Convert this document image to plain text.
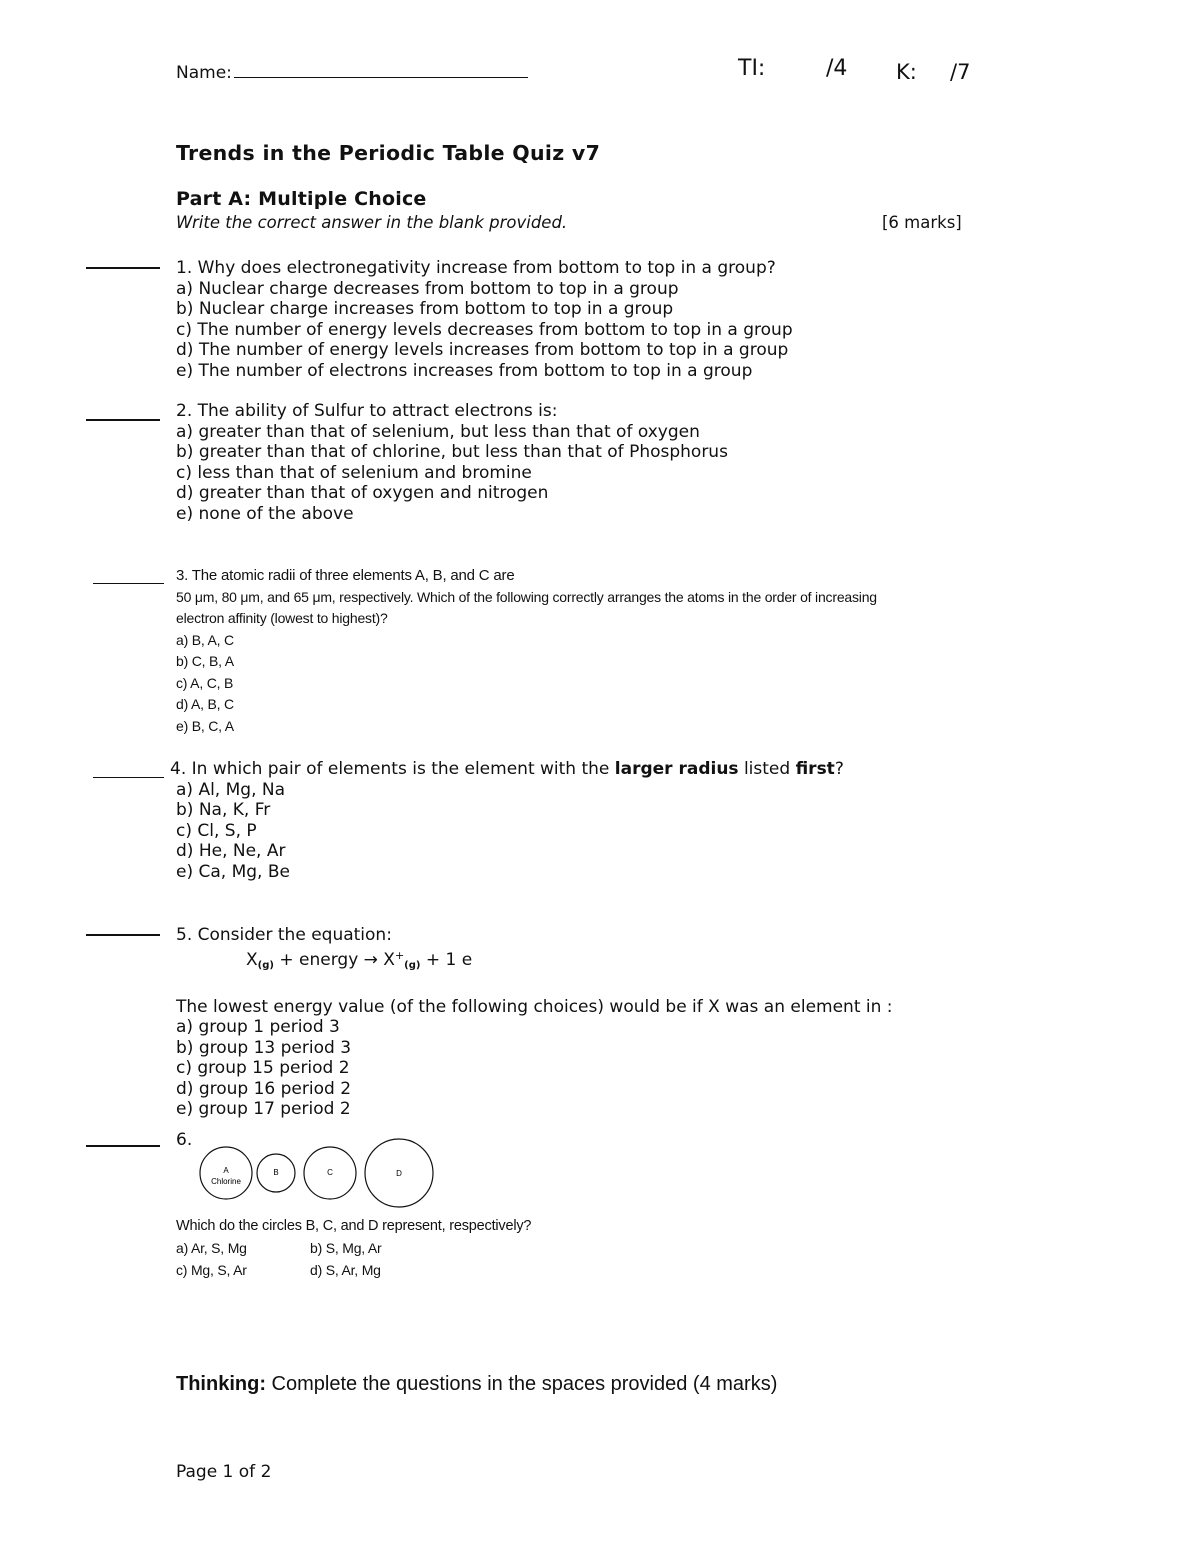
Name:	TI:	/4 K: /7
Trends in the Periodic Table Quiz v7
Part A: Multiple Choice
Write the correct answer in the blank provided.	[6 marks]

1. Why does electronegativity increase from bottom to top in a group?

a) Nuclear charge decreases from bottom to top in a group

b) Nuclear charge increases from bottom to top in a group

c) The number of energy levels decreases from bottom to top in a group

d) The number of energy levels increases from bottom to top in a group

e) The number of electrons increases from bottom to top in a group

2. The ability of Sulfur to attract electrons is:

a) greater than that of selenium, but less than that of oxygen

b) greater than that of chlorine, but less than that of Phosphorus

c) less than that of selenium and bromine

d) greater than that of oxygen and nitrogen

e) none of the above

3. The atomic radii of three elements A, B, and C are

50 μm, 80 μm, and 65 μm, respectively. Which of the following correctly arranges the atoms in the order of increasing

electron affinity (lowest to highest)?

a) B, A, C

b) C, B, A

c) A, C, B

d) A, B, C

e) B, C, A

4. In which pair of elements is the element with the larger radius listed first?

a) Al, Mg, Na

b) Na, K, Fr

c) Cl, S, P

d) He, Ne, Ar

e) Ca, Mg, Be

5. Consider the equation:

$X_{(g)}$ + energy → $X^+_{(g)} + 1$ e

The lowest energy value (of the following choices) would be if X was an element in :

a) group 1 period 3

b) group 13 period 3

c) group 15 period 2

d) group 16 period 2

e) group 17 period 2

6.
A
Chlorine
B	C	D
Which do the circles B, C, and D represent, respectively?
a) Ar, S, Mg	b) S, Mg, Ar
c) Mg, S, Ar	d) S, Ar, Mg
Thinking: Complete the questions in the spaces provided (4 marks)
Page 1 of 2
